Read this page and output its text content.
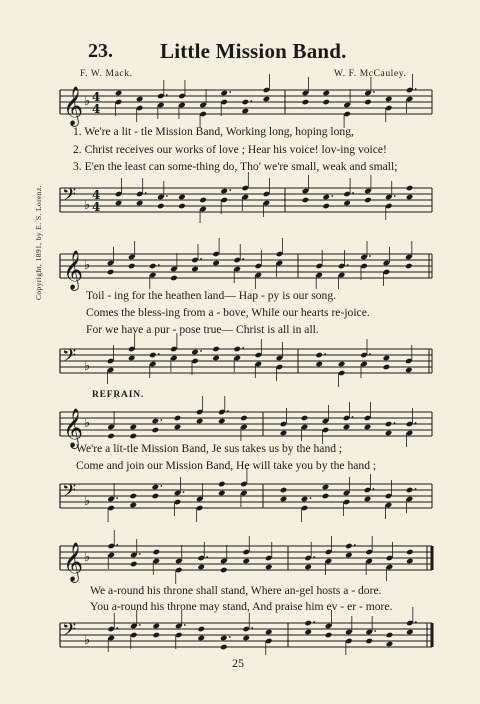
23. Little Mission Band.
F. W. Mack.	W. F. McCauley.
Copyright, 1891, by E. S. Lorenz.
𝄞 ♭ 4
4
1. We're a lit - tle Mission Band, Working long, hoping long,
2. Christ receives our works of love ; Hear his voice! lov-ing voice!
3. E'en the least can some-thing do, Tho' we're small, weak and small;
𝄢 ♭
4
4
𝄞 ♭
Toil - ing for the heathen land— Hap - py is our song.
Comes the bless-ing from a - bove, While our hearts re-joice.
For we have a pur - pose true— Christ is all in all.
𝄢 ♭
REFRAIN.
𝄞 ♭
We're a lit-tle Mission Band, Je sus takes us by the hand ;
Come and join our Mission Band, He will take you by the hand ;
𝄢 ♭
𝄞 ♭
We a-round his throne shall stand, Where an-gel hosts a - dore.
You a-round his throne may stand, And praise him ev - er - more.
𝄢 ♭
25
